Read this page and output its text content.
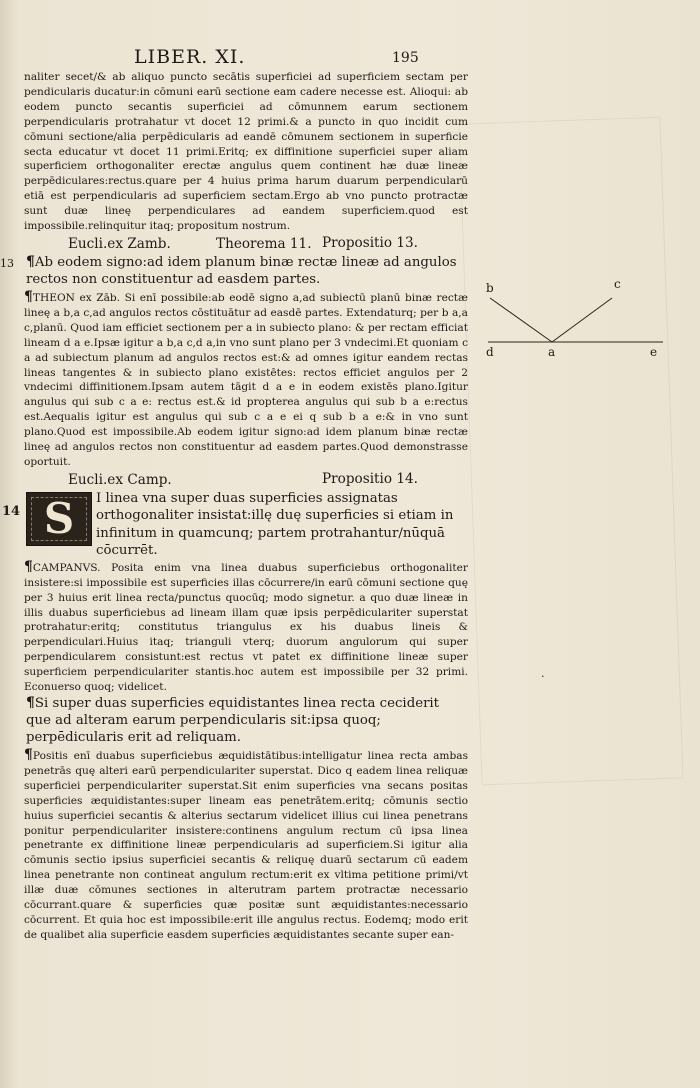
LIBER. XI.	195

naliter secet/& ab aliquo puncto secātis superficiei ad superficiem sectam per pendicularis ducatur:in cōmuni earū sectione eam cadere necesse est. Alioqui: ab eodem puncto secantis superficiei ad cōmunnem earum sectionem perpendicularis protrahatur vt docet 12 primi.& a puncto in quo incidit cum cōmuni sectione/alia perpēdicularis ad eandē cōmunem sectionem in superficie secta educatur vt docet 11 primi.Eritq; ex diffinitione superficiei super aliam superficiem orthogonaliter erectæ angulus quem continent hæ duæ lineæ perpēdiculares:rectus.quare per 4 huius prima harum duarum perpendicularū etiā est perpendicularis ad superficiem sectam.Ergo ab vno puncto protractæ sunt duæ lineę perpendiculares ad eandem superficiem.quod est impossibile.relinquitur itaq; propositum nostrum.

Eucli.ex Zamb.	Theorema 11. Propositio 13.

13 ¶Ab eodem signo:ad idem planum binæ rectæ lineæ ad angulos rectos non constituentur ad easdem partes.

¶THEON ex Zāb. Si enī possibile:ab eodē signo a,ad subiectū planū binæ rectæ lineę a b,a c,ad angulos rectos cōstituātur ad easdē partes. Extendaturq; per b a,a c,planū. Quod iam efficiet sectionem per a in subiecto plano: & per rectam efficiat lineam d a e.Ipsæ igitur a b,a c,d a,in vno sunt plano per 3 vndecimi.Et quoniam c a ad subiectum planum ad angulos rectos est:& ad omnes igitur eandem rectas lineas tangentes & in subiecto plano existētes: rectos efficiet angulos per 2 vndecimi diffinitionem.Ipsam autem tāgit d a e in eodem existēs plano.Igitur angulus qui sub c a e: rectus est.& id propterea angulus qui sub b a e:rectus est.Aequalis igitur est angulus qui sub c a e ei q sub b a e:& in vno sunt plano.Quod est impossibile.Ab eodem igitur signo:ad idem planum binæ rectæ lineę ad angulos rectos non constituentur ad easdem partes.Quod demonstrasse oportuit.

Eucli.ex Camp.	Propositio 14.
14 S	I linea vna super duas superficies assignatas orthogonaliter insistat:illę duę superficies si etiam in infinitum in quamcunq; partem protrahantur/nūquā cōcurrēt.

¶CAMPANVS. Posita enim vna linea duabus superficiebus orthogonaliter insistere:si impossibile est superficies illas cōcurrere/in earū cōmuni sectione quę per 3 huius erit linea recta/punctus quocūq; modo signetur. a quo duæ lineæ in illis duabus superficiebus ad lineam illam quæ ipsis perpēdiculariter superstat protrahatur:eritq; constitutus triangulus ex his duabus lineis & perpendiculari.Huius itaq; trianguli vterq; duorum angulorum qui super perpendicularem consistunt:est rectus vt patet ex diffinitione lineæ super superficiem perpendiculariter stantis.hoc autem est impossibile per 32 primi. Econuerso quoq; videlicet.

¶Si super duas superficies equidistantes linea recta ceciderit que ad alteram earum perpendicularis sit:ipsa quoq; perpēdicularis erit ad reliquam.

¶Positis enī duabus superficiebus æquidistātibus:intelligatur linea recta ambas penetrās quę alteri earū perpendiculariter superstat. Dico q eadem linea reliquæ superficiei perpendiculariter superstat.Sit enim superficies vna secans positas superficies æquidistantes:super lineam eas penetrātem.eritq; cōmunis sectio huius superficiei secantis & alterius sectarum videlicet illius cui linea penetrans ponitur perpendiculariter insistere:continens angulum rectum cū ipsa linea penetrante ex diffinitione lineæ perpendicularis ad superficiem.Si igitur alia cōmunis sectio ipsius superficiei secantis & reliquę duarū sectarum cū eadem linea penetrante non contineat angulum rectum:erit ex vltima petitione primi/vt illæ duæ cōmunes sectiones in alterutram partem protractæ necessario cōcurrant.quare & superficies quæ positæ sunt æquidistantes:necessario cōcurrent. Et quia hoc est impossibile:erit ille angulus rectus. Eodemq; modo erit de qualibet alia superficie easdem superficies æquidistantes secante super ean-

b	c
d	a	e
·
